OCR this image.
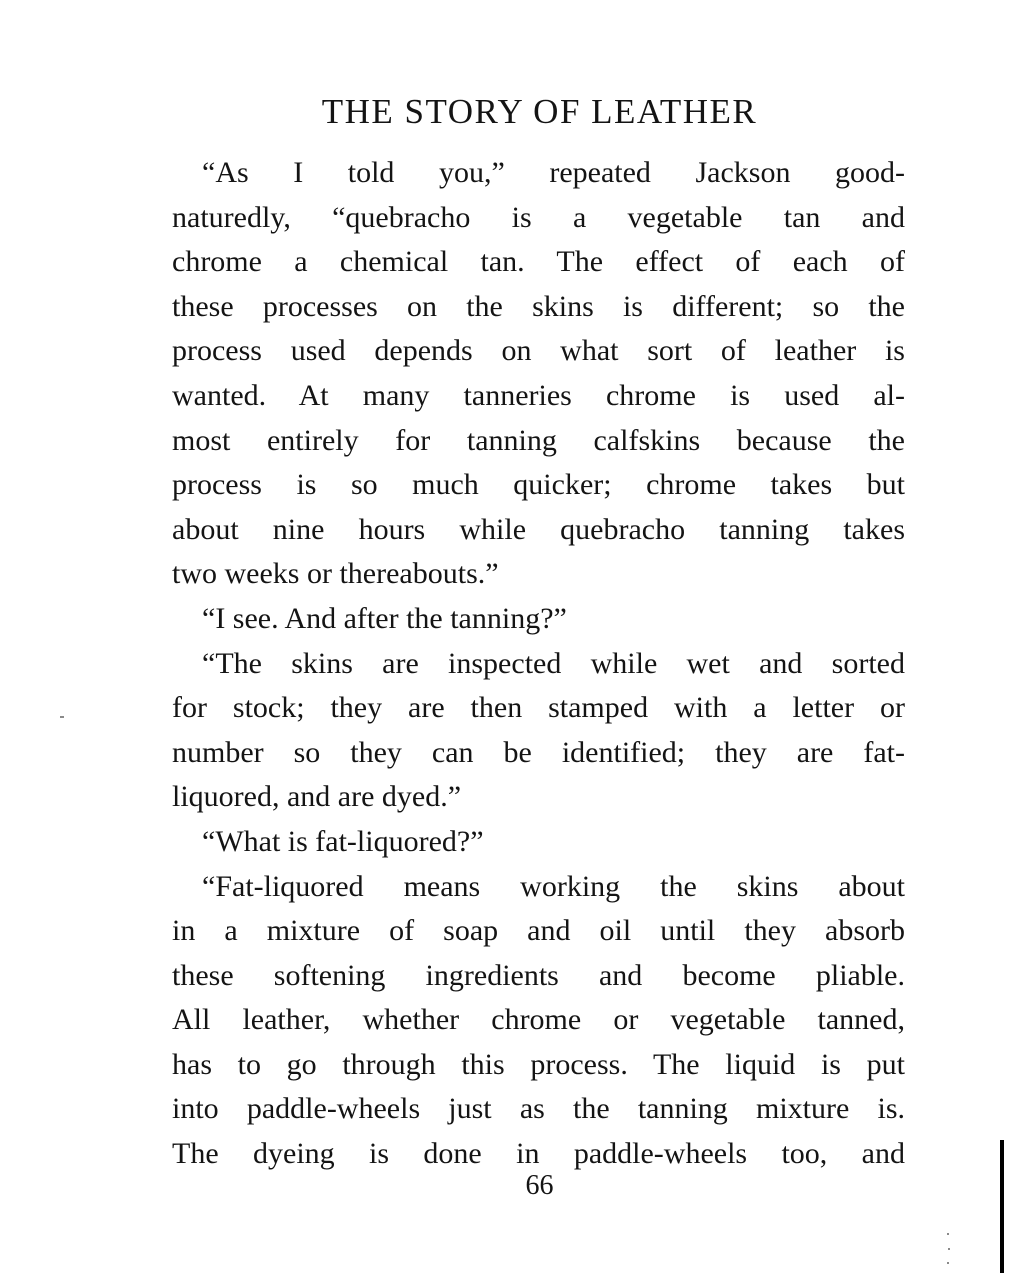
THE STORY OF LEATHER
“As I told you,” repeated Jackson good-
naturedly, “quebracho is a vegetable tan and
chrome a chemical tan. The effect of each of
these processes on the skins is different; so the
process used depends on what sort of leather is
wanted. At many tanneries chrome is used al-
most entirely for tanning calfskins because the
process is so much quicker; chrome takes but
about nine hours while quebracho tanning takes
two weeks or thereabouts.”
“I see. And after the tanning?”
“The skins are inspected while wet and sorted
for stock; they are then stamped with a letter or
number so they can be identified; they are fat-
liquored, and are dyed.”
“What is fat-liquored?”
“Fat-liquored means working the skins about
in a mixture of soap and oil until they absorb
these softening ingredients and become pliable.
All leather, whether chrome or vegetable tanned,
has to go through this process. The liquid is put
into paddle-wheels just as the tanning mixture is.
The dyeing is done in paddle-wheels too, and
66
